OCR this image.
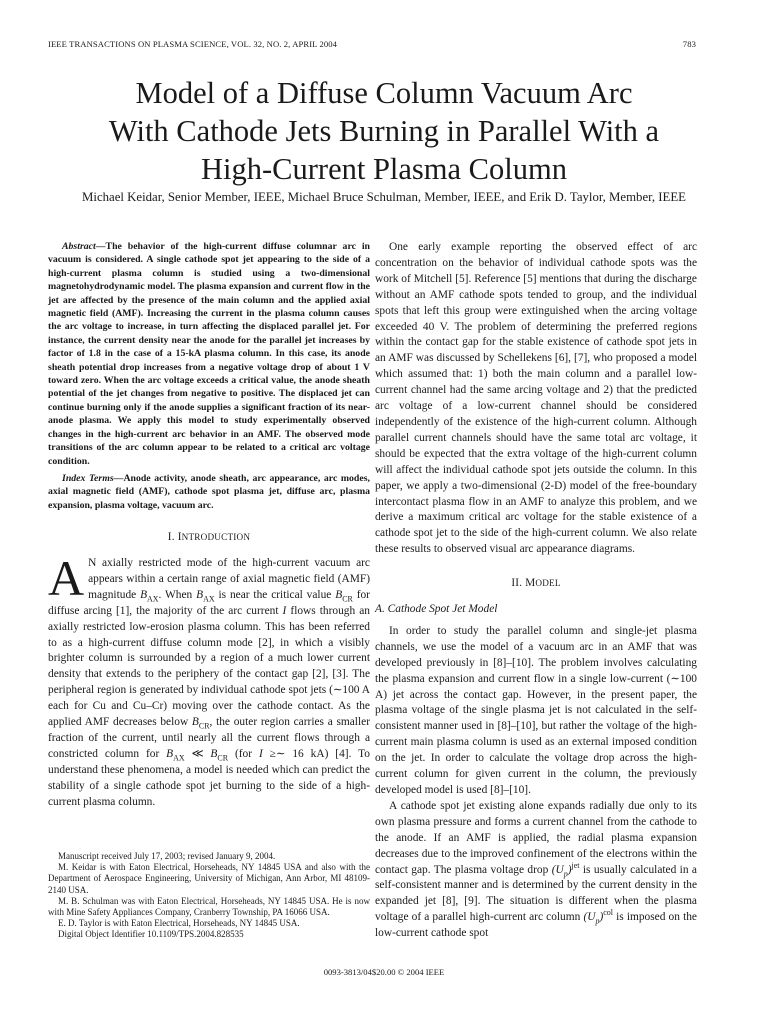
IEEE TRANSACTIONS ON PLASMA SCIENCE, VOL. 32, NO. 2, APRIL 2004	783
Model of a Diffuse Column Vacuum Arc
With Cathode Jets Burning in Parallel With a
High-Current Plasma Column
Michael Keidar, Senior Member, IEEE, Michael Bruce Schulman, Member, IEEE, and Erik D. Taylor, Member, IEEE

Abstract—The behavior of the high-current diffuse columnar arc in vacuum is considered. A single cathode spot jet appearing to the side of a high-current plasma column is studied using a two-dimensional magnetohydrodynamic model. The plasma expansion and current flow in the jet are affected by the presence of the main column and the applied axial magnetic field (AMF). Increasing the current in the plasma column causes the arc voltage to increase, in turn affecting the displaced parallel jet. For instance, the current density near the anode for the parallel jet increases by factor of 1.8 in the case of a 15-kA plasma column. In this case, its anode sheath potential drop increases from a negative voltage drop of about 1 V toward zero. When the arc voltage exceeds a critical value, the anode sheath potential of the jet changes from negative to positive. The displaced jet can continue burning only if the anode supplies a significant fraction of its near-anode plasma. We apply this model to study experimentally observed changes in the high-current arc behavior in an AMF. The observed mode transitions of the arc column appear to be related to a critical arc voltage condition.

Index Terms—Anode activity, anode sheath, arc appearance, arc modes, axial magnetic field (AMF), cathode spot plasma jet, diffuse arc, plasma expansion, plasma voltage, vacuum arc.

I. INTRODUCTION

A N axially restricted mode of the high-current vacuum arc appears within a certain range of axial magnetic field (AMF) magnitude $B_{AX}$. When $B_{AX}$ is near the critical value $B_{CR}$ for diffuse arcing [1], the majority of the arc current I flows through an axially restricted low-erosion plasma column. This has been referred to as a high-current diffuse column mode [2], in which a visibly brighter column is surrounded by a region of a much lower current density that extends to the periphery of the contact gap [2], [3]. The peripheral region is generated by individual cathode spot jets (∼100 A each for Cu and Cu–Cr) moving over the cathode contact. As the applied AMF decreases below $B_{CR}$, the outer region carries a smaller fraction of the current, until nearly all the current flows through a constricted column for $B_{AX}$ ≪ $B_{CR}$ (for I ≥∼ 16 kA) [4]. To understand these phenomena, a model is needed which can predict the stability of a single cathode spot jet burning to the side of a high-current plasma column.

Manuscript received July 17, 2003; revised January 9, 2004.

M. Keidar is with Eaton Electrical, Horseheads, NY 14845 USA and also with the Department of Aerospace Engineering, University of Michigan, Ann Arbor, MI 48109-2140 USA.

M. B. Schulman was with Eaton Electrical, Horseheads, NY 14845 USA. He is now with Mine Safety Appliances Company, Cranberry Township, PA 16066 USA.

E. D. Taylor is with Eaton Electrical, Horseheads, NY 14845 USA.

Digital Object Identifier 10.1109/TPS.2004.828535

One early example reporting the observed effect of arc concentration on the behavior of individual cathode spots was the work of Mitchell [5]. Reference [5] mentions that during the discharge without an AMF cathode spots tended to group, and the individual spots that left this group were extinguished when the arcing voltage exceeded 40 V. The problem of determining the preferred regions within the contact gap for the stable existence of cathode spot jets in an AMF was discussed by Schellekens [6], [7], who proposed a model which assumed that: 1) both the main column and a parallel low-current channel had the same arcing voltage and 2) that the predicted arc voltage of a low-current channel should be considered independently of the existence of the high-current column. Although parallel current channels should have the same total arc voltage, it should be expected that the extra voltage of the high-current column will affect the individual cathode spot jets outside the column. In this paper, we apply a two-dimensional (2-D) model of the free-boundary intercontact plasma flow in an AMF to analyze this problem, and we derive a maximum critical arc voltage for the stable existence of a cathode spot jet to the side of the high-current column. We also relate these results to observed visual arc appearance diagrams.

II. MODEL
A. Cathode Spot Jet Model

In order to study the parallel column and single-jet plasma channels, we use the model of a vacuum arc in an AMF that was developed previously in [8]–[10]. The problem involves calculating the plasma expansion and current flow in a single low-current (∼100 A) jet across the contact gap. However, in the present paper, the plasma voltage of the single plasma jet is not calculated in the self-consistent manner used in [8]–[10], but rather the voltage of the high-current main plasma column is used as an external imposed condition on the jet. In order to calculate the voltage drop across the high-current column for given current in the column, the previously developed model is used [8]–[10].

A cathode spot jet existing alone expands radially due only to its own plasma pressure and forms a current channel from the cathode to the anode. If an AMF is applied, the radial plasma expansion decreases due to the improved confinement of the electrons within the contact gap. The plasma voltage drop $(U_p)^{jet}$ is usually calculated in a self-consistent manner and is determined by the current density in the expanded jet [8], [9]. The situation is different when the plasma voltage of a parallel high-current arc column $(U_p)^{col}$ is imposed on the low-current cathode spot

0093-3813/04$20.00 © 2004 IEEE
